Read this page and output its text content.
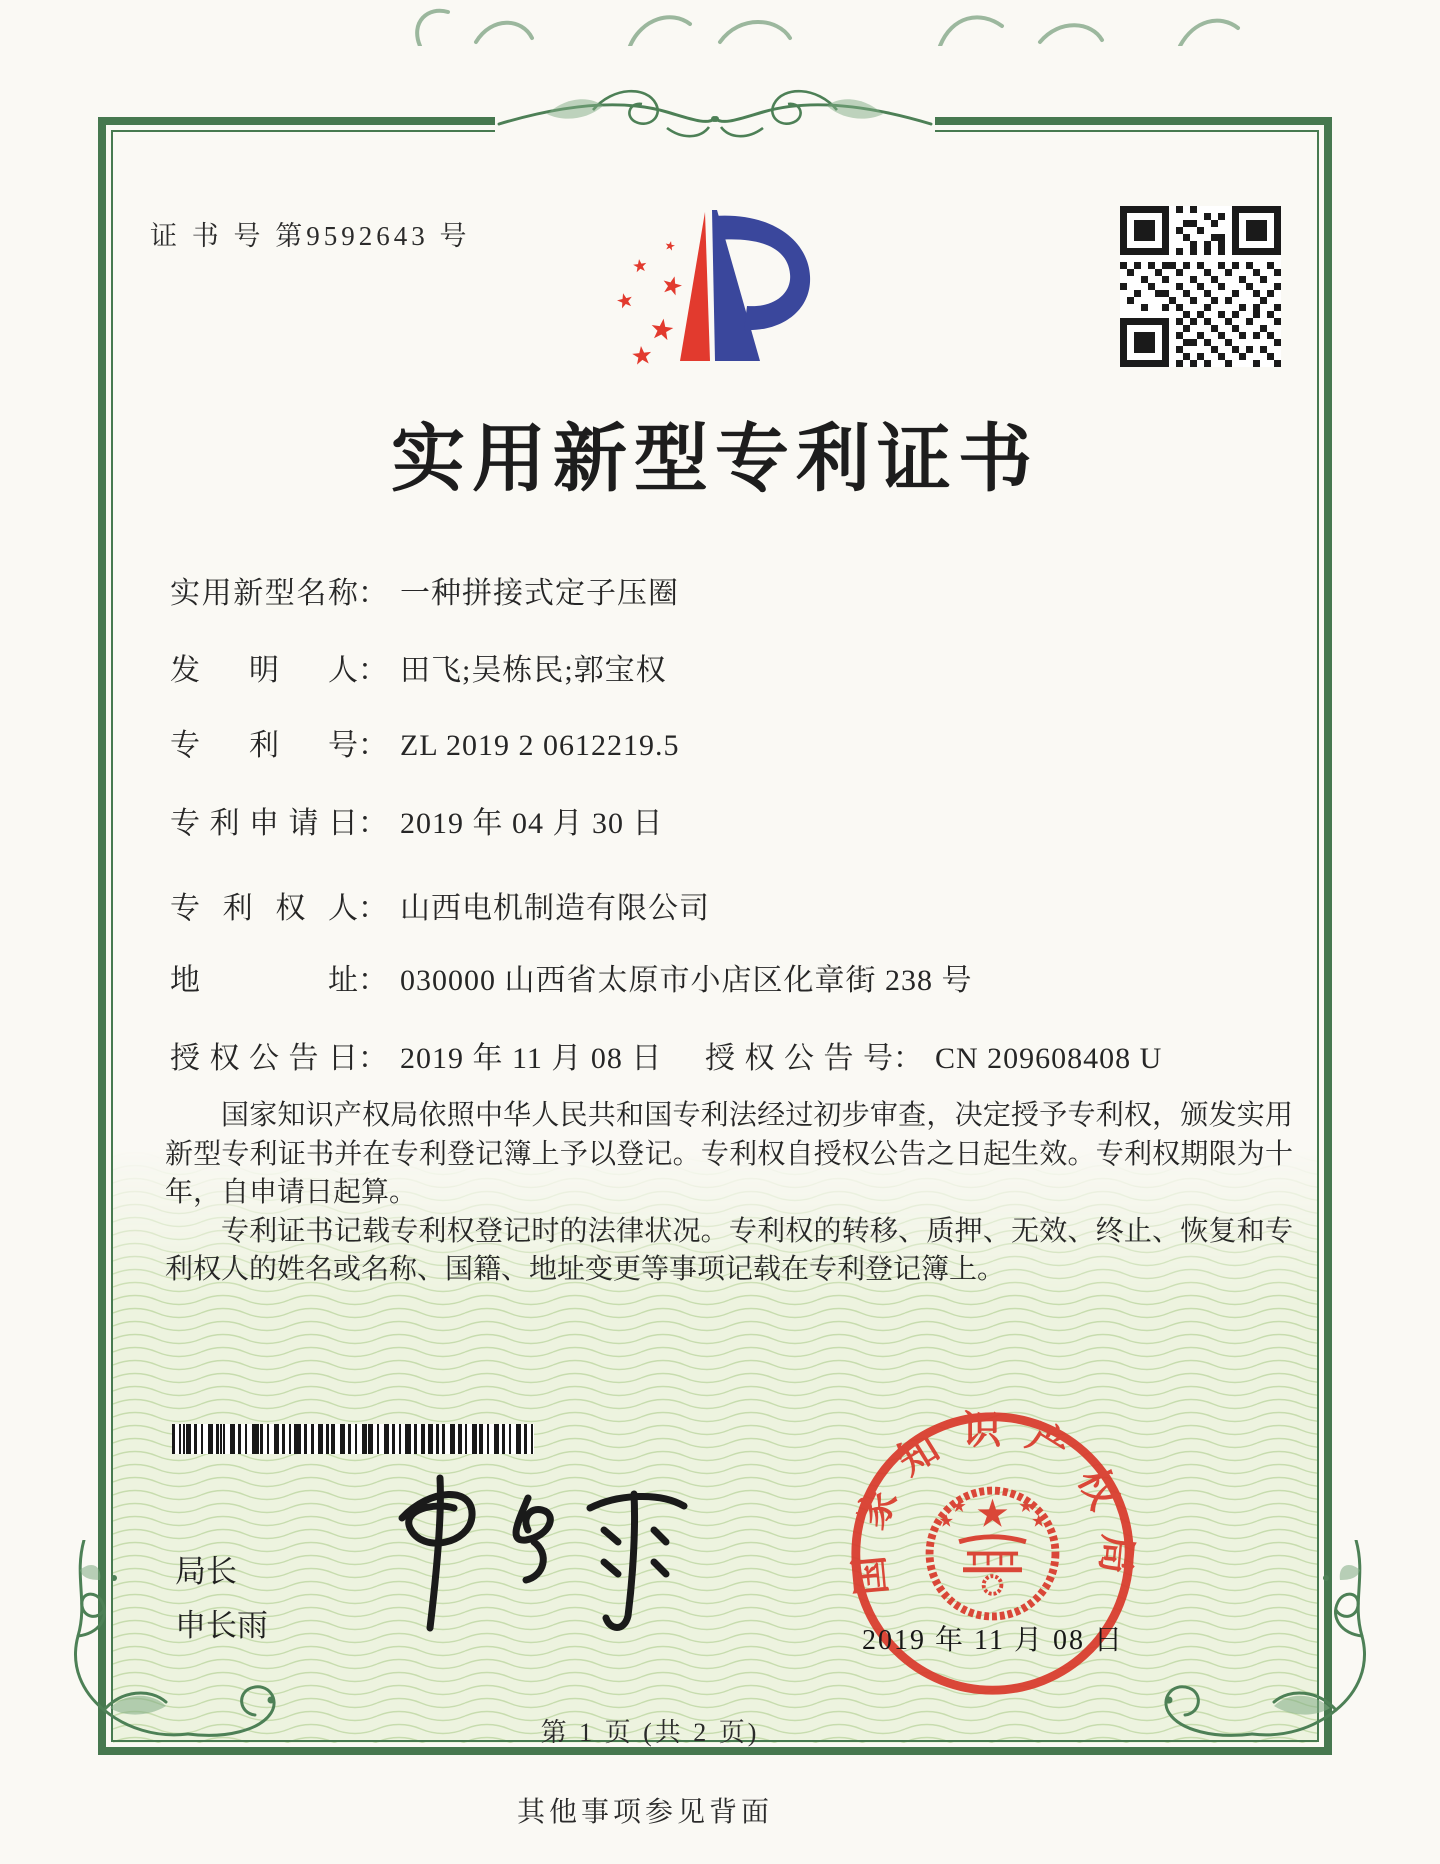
证 书 号 第9592643 号
实用新型专利证书
实用新型名称： 一种拼接式定子压圈
发明人： 田飞;吴栋民;郭宝权
专利号： ZL 2019 2 0612219.5
专利申请日： 2019 年 04 月 30 日
专利权人： 山西电机制造有限公司
地址： 030000 山西省太原市小店区化章街 238 号
授权公告日： 2019 年 11 月 08 日 授权公告号： CN 209608408 U

国家知识产权局依照中华人民共和国专利法经过初步审查，决定授予专利权，颁发实用新型专利证书并在专利登记簿上予以登记。专利权自授权公告之日起生效。专利权期限为十年，自申请日起算。

专利证书记载专利权登记时的法律状况。专利权的转移、质押、无效、终止、恢复和专利权人的姓名或名称、国籍、地址变更等事项记载在专利登记簿上。

局长
申长雨
国家知识产权局
2019 年 11 月 08 日
第 1 页 (共 2 页)
其他事项参见背面
